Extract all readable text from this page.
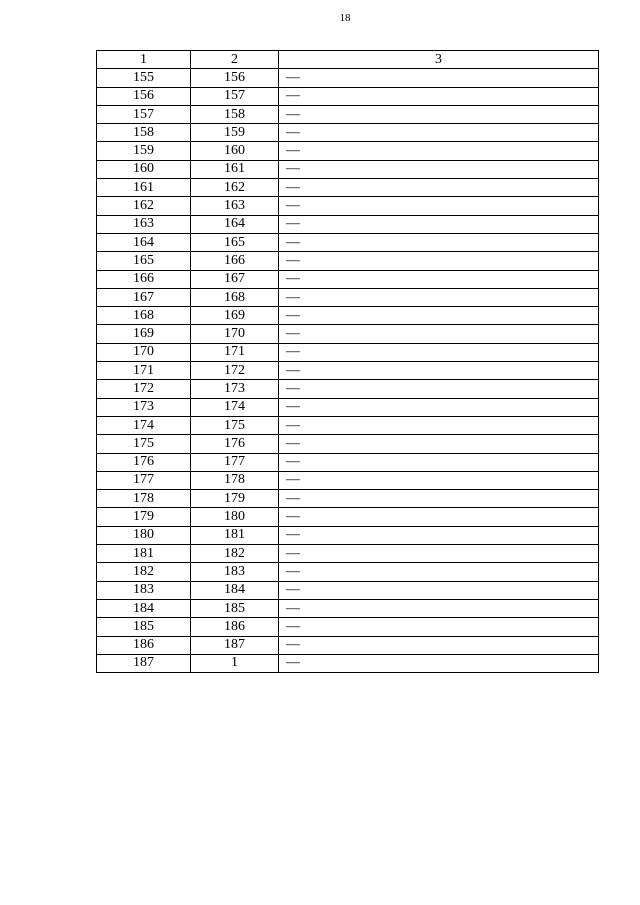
18
1	2	3
155	156	—
156	157	—
157	158	—
158	159	—
159	160	—
160	161	—
161	162	—
162	163	—
163	164	—
164	165	—
165	166	—
166	167	—
167	168	—
168	169	—
169	170	—
170	171	—
171	172	—
172	173	—
173	174	—
174	175	—
175	176	—
176	177	—
177	178	—
178	179	—
179	180	—
180	181	—
181	182	—
182	183	—
183	184	—
184	185	—
185	186	—
186	187	—
187	1	—
